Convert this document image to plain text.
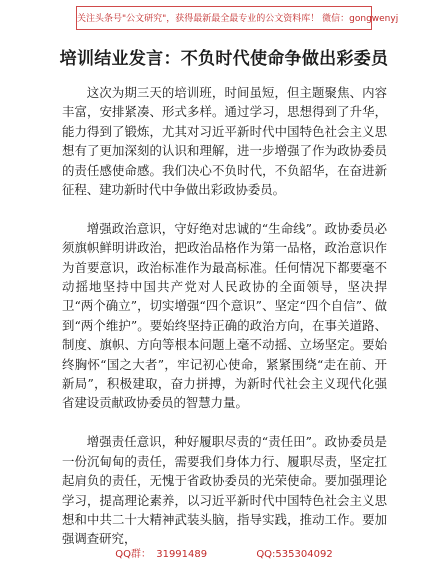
关注头条号"公文研究"，获得最新最全最专业的公文资料库！ 微信：gongwenyj
培训结业发言：不负时代使命争做出彩委员

这次为期三天的培训班，时间虽短，但主题聚焦、内容丰富，安排紧凑、形式多样。通过学习，思想得到了升华，能力得到了锻炼，尤其对习近平新时代中国特色社会主义思想有了更加深刻的认识和理解，进一步增强了作为政协委员的责任感使命感。我们决心不负时代，不负韶华，在奋进新征程、建功新时代中争做出彩政协委员。

增强政治意识，守好绝对忠诚的“生命线”。政协委员必须旗帜鲜明讲政治，把政治品格作为第一品格，政治意识作为首要意识，政治标准作为最高标准。任何情况下都要毫不动摇地坚持中国共产党对人民政协的全面领导，坚决捍卫“两个确立”，切实增强“四个意识”、坚定“四个自信”、做到“两个维护”。要始终坚持正确的政治方向，在事关道路、制度、旗帜、方向等根本问题上毫不动摇、立场坚定。要始终胸怀“国之大者”，牢记初心使命，紧紧围绕“走在前、开新局”，积极建取，奋力拼搏，为新时代社会主义现代化强省建设贡献政协委员的智慧力量。

增强责任意识，种好履职尽责的“责任田”。政协委员是一份沉甸甸的责任，需要我们身体力行、履职尽责，坚定扛起肩负的责任，无愧于省政协委员的光荣使命。要加强理论学习，提高理论素养，以习近平新时代中国特色社会主义思想和中共二十大精神武装头脑，指导实践，推动工作。要加强调查研究，

QQ群： 31991489	QQ:535304092
